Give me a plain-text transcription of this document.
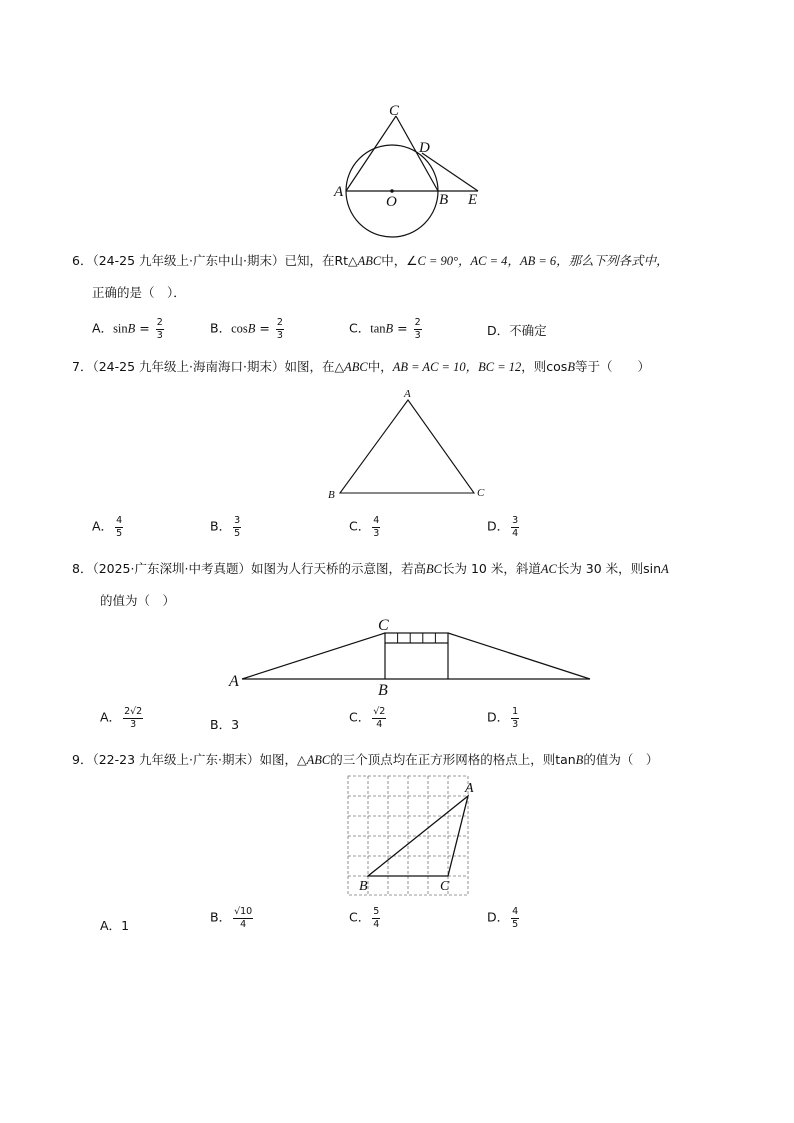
C
D
A
O	B E
6．（24-25 九年级上·广东中山·期末）已知，在Rt△ABC中，∠C = 90°，AC = 4，AB = 6，那么下列各式中，
正确的是（　）．
A．$\sin B = \frac{2}{3}$	B．$\cos B = \frac{2}{3}$	C．$\tan B = \frac{2}{3}$	D．不确定
7．（24-25 九年级上·海南海口·期末）如图，在△ABC中，AB = AC = 10，BC = 12，则cosB等于（　　）
A
B	C
A． $\frac{4}{5}$	B． $\frac{3}{5}$	C． $\frac{4}{3}$	D． $\frac{3}{4}$
8．（2025·广东深圳·中考真题）如图为人行天桥的示意图，若高BC长为 10 米，斜道AC长为 30 米，则sinA
的值为（　）
C
A
B
A． $\frac{2√2}{3}$	B．3	C． $\frac{√2}{4}$	D． $\frac{1}{3}$
9．（22-23 九年级上·广东·期末）如图，△ABC的三个顶点均在正方形网格的格点上，则tanB的值为（　）
A
B	C
A．1
B． $\frac{√10}{4}$	C． $\frac{5}{4}$	D． $\frac{4}{5}$
